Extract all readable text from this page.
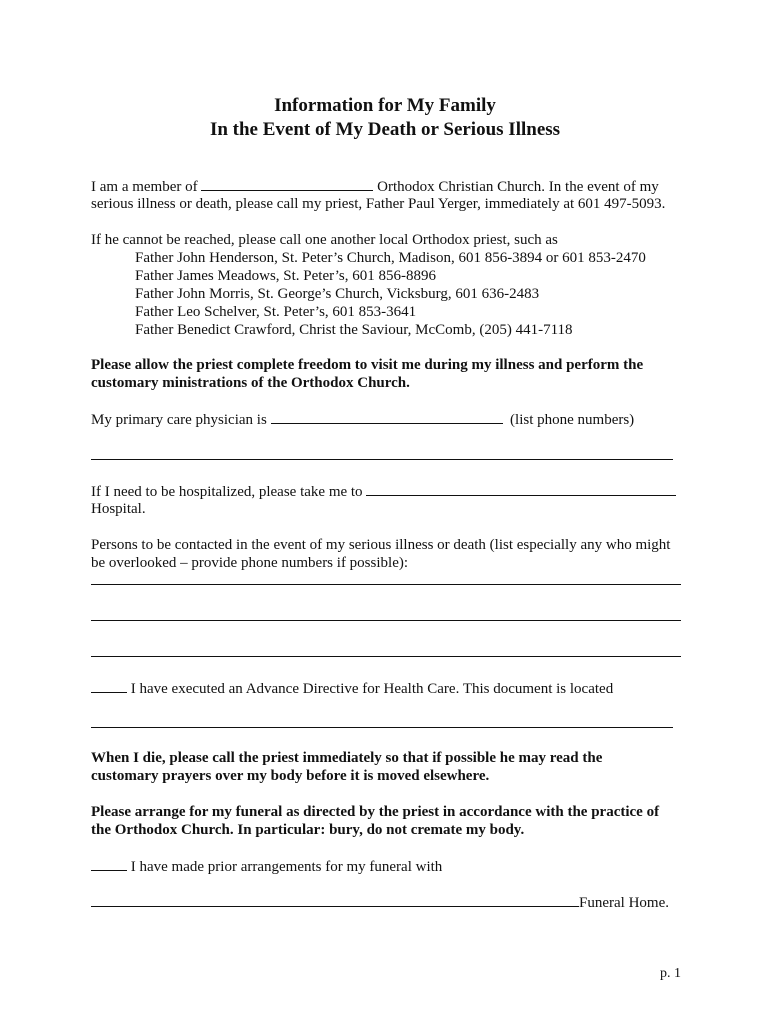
Information for My Family
In the Event of My Death or Serious Illness

I am a member of	Orthodox Christian Church. In the event of my

serious illness or death, please call my priest, Father Paul Yerger, immediately at 601 497-5093.

If he cannot be reached, please call one another local Orthodox priest, such as

Father John Henderson, St. Peter’s Church, Madison, 601 856-3894 or 601 853-2470

Father James Meadows, St. Peter’s, 601 856-8896

Father John Morris, St. George’s Church, Vicksburg, 601 636-2483

Father Leo Schelver, St. Peter’s, 601 853-3641

Father Benedict Crawford, Christ the Saviour, McComb, (205) 441-7118

Please allow the priest complete freedom to visit me during my illness and perform the

customary ministrations of the Orthodox Church.

My primary care physician is	(list phone numbers)

If I need to be hospitalized, please take me to

Hospital.

Persons to be contacted in the event of my serious illness or death (list especially any who might

be overlooked – provide phone numbers if possible):

I have executed an Advance Directive for Health Care. This document is located

When I die, please call the priest immediately so that if possible he may read the

customary prayers over my body before it is moved elsewhere.

Please arrange for my funeral as directed by the priest in accordance with the practice of

the Orthodox Church. In particular: bury, do not cremate my body.

I have made prior arrangements for my funeral with

Funeral Home.

p. 1
